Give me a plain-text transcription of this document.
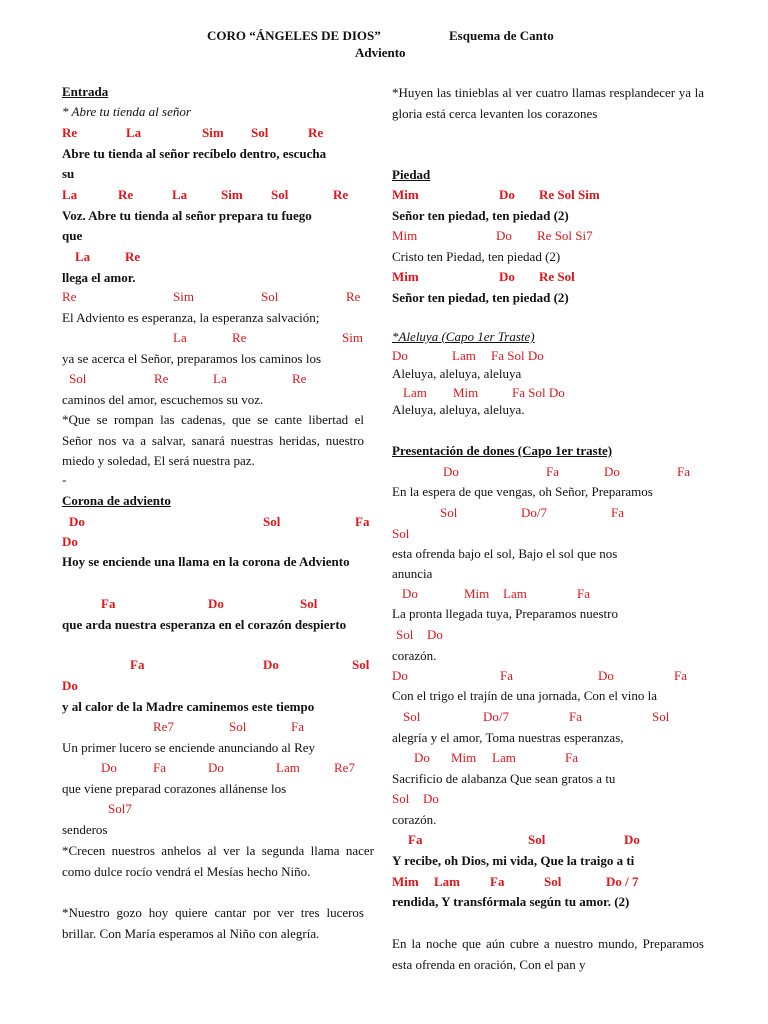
CORO “ÁNGELES DE DIOS”	Esquema de Canto
Adviento
Entrada
* Abre tu tienda al señor
Re	La	Sim Sol	Re
Abre tu tienda al señor recíbelo dentro, escucha
su
La	Re	La	Sim Sol	Re
Voz. Abre tu tienda al señor prepara tu fuego
que
La	Re
llega el amor.
Re	Sim	Sol	Re
El Adviento es esperanza, la esperanza salvación;
La	Re	Sim
ya se acerca el Señor, preparamos los caminos los
Sol	Re	La	Re
caminos del amor, escuchemos su voz.
*Que se rompan las cadenas, que se cante libertad el Señor nos va a salvar, sanará nuestras heridas, nuestro miedo y soledad, El será nuestra paz.
-
Corona de adviento
Do	Sol	Fa
Do
Hoy se enciende una llama en la corona de Adviento
Fa	Do	Sol
que arda nuestra esperanza en el corazón despierto
Fa	Do	Sol
Do
y al calor de la Madre caminemos este tiempo
Re7	Sol	Fa
Un primer lucero se enciende anunciando al Rey
Do	Fa	Do	Lam	Re7
que viene preparad corazones allánense los
Sol7
senderos
*Crecen nuestros anhelos al ver la segunda llama nacer como dulce rocío vendrá el Mesías hecho Niño.
*Nuestro gozo hoy quiere cantar por ver tres luceros brillar. Con María esperamos al Niño con alegría.
*Huyen las tinieblas al ver cuatro llamas resplandecer ya la gloria está cerca levanten los corazones
Piedad
Mim	Do Re Sol Sim
Señor ten piedad, ten piedad (2)
Mim	Do Re Sol Si7
Cristo ten Piedad, ten piedad (2)
Mim	Do Re Sol
Señor ten piedad, ten piedad (2)
*Aleluya (Capo 1er Traste)
Do	Lam Fa Sol Do
Aleluya, aleluya, aleluya
Lam Mim	Fa Sol Do
Aleluya, aleluya, aleluya.
Presentación de dones (Capo 1er traste)
Do	Fa	Do	Fa
En la espera de que vengas, oh Señor, Preparamos
Sol	Do/7	Fa
Sol
esta ofrenda bajo el sol, Bajo el sol que nos
anuncia
Do	Mim Lam	Fa
La pronta llegada tuya, Preparamos nuestro
Sol Do
corazón.
Do	Fa	Do	Fa
Con el trigo el trajín de una jornada, Con el vino la
Sol	Do/7	Fa	Sol
alegría y el amor, Toma nuestras esperanzas,
Do Mim Lam	Fa
Sacrificio de alabanza Que sean gratos a tu
Sol Do
corazón.
Fa	Sol	Do
Y recibe, oh Dios, mi vida, Que la traigo a ti
Mim Lam Fa	Sol	Do / 7
rendida, Y transfórmala según tu amor. (2)
En la noche que aún cubre a nuestro mundo, Preparamos esta ofrenda en oración, Con el pan y
